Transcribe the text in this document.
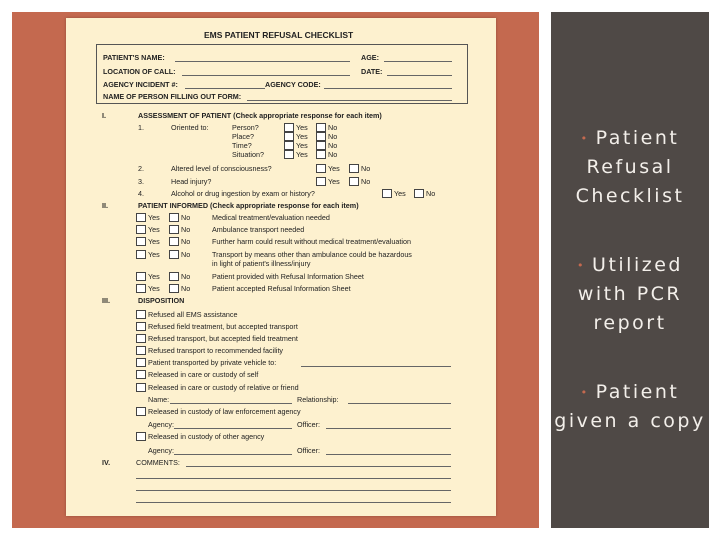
EMS PATIENT REFUSAL CHECKLIST
PATIENT'S NAME:	AGE:
LOCATION OF CALL:	DATE:
AGENCY INCIDENT #:	AGENCY CODE:
NAME OF PERSON FILLING OUT FORM:
I.	ASSESSMENT OF PATIENT (Check appropriate response for each item)
1.	Oriented to:	Person?	Yes	No
Place?	Yes	No
Time?	Yes	No
Situation?	Yes	No
2.	Altered level of consciousness?	Yes	No
3.	Head injury?	Yes	No
4.	Alcohol or drug ingestion by exam or history?	Yes	No
II.	PATIENT INFORMED (Check appropriate response for each item)
Yes	No	Medical treatment/evaluation needed
Yes	No	Ambulance transport needed
Yes	No	Further harm could result without medical treatment/evaluation
Yes	No	Transport by means other than ambulance could be hazardous
in light of patient's illness/injury
Yes	No	Patient provided with Refusal Information Sheet
Yes	No	Patient accepted Refusal Information Sheet
III.	DISPOSITION
Refused all EMS assistance
Refused field treatment, but accepted transport
Refused transport, but accepted field treatment
Refused transport to recommended facility
Patient transported by private vehicle to:
Released in care or custody of self
Released in care or custody of relative or friend
Name:	Relationship:
Released in custody of law enforcement agency
Agency:	Officer:
Released in custody of other agency
Agency:	Officer:
IV.	COMMENTS:
• Patient Refusal Checklist
• Utilized with PCR report
• Patient given a copy
